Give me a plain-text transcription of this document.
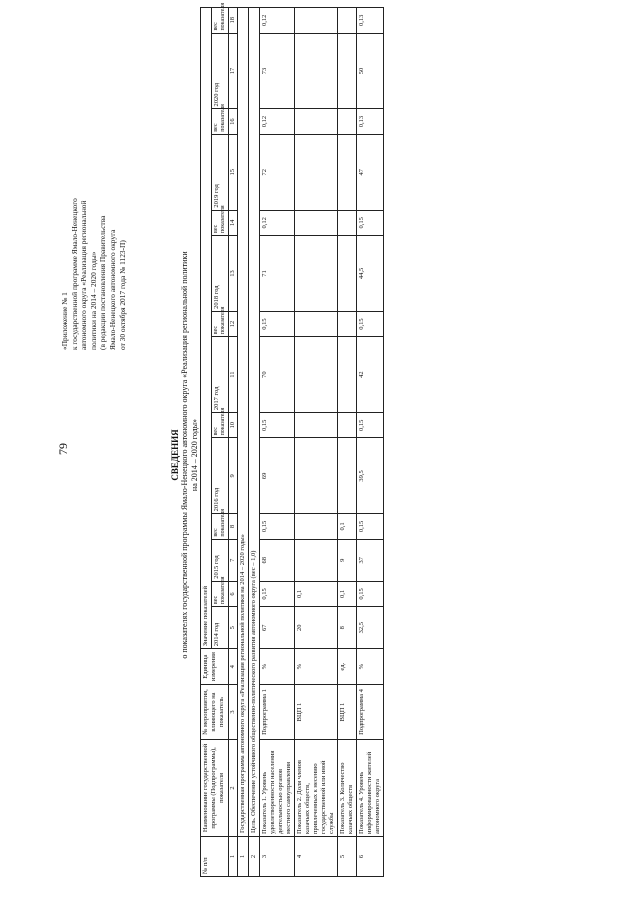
79
«Приложение № 1 к государственной программе Ямало-Ненецкого автономного округа «Реализация региональной политики на 2014 – 2020 годы» (в редакции постановления Правительства Ямало-Ненецкого автономного округа от 30 октября 2017 года № 1123-П)
СВЕДЕНИЯ о показателях государственной программы Ямало-Ненецкого автономного округа «Реализация региональной политики на 2014 – 2020 годы»
№ п/п	Наименование государственной программы (Подпрограммы), показателя	№ мероприятия, влияющего на показатель	Единица измерения	Значение показателей													
				2014 год	вес показателя	2015 год	вес показателя	2016 год	вес показателя	2017 год	вес показателя	2018 год	вес показателя	2019 год	вес показателя	2020 год	вес показателя
1	2	3	4	5	6	7	8	9	10	11	12	13	14	15	16	17	18
1	Государственная программа автономного округа «Реализация региональной политики на 2014 – 2020 годы»																
2	Цель. Обеспечение устойчивого общественно-политического развития автономного округа (вес – 1,0)																
3	Показатель 1. Уровень удовлетворенности населения деятельностью органов местного самоуправления	Подпрограмма 1	%	67	0,15	68	0,15	69	0,15	70	0,15	71	0,12	72	0,12	73	0,12
4	Показатель 2. Доля членов казачьих обществ, привлеченных к несению государственной или иной службы	ВЦП 1	%	20	0,1												
5	Показатель 3. Количество казачьих обществ	ВЦП 1	ед.	8	0,1	9	0,1										
6	Показатель 4. Уровень информированности жителей автономного округа	Подпрограмма 4	%	32,5	0,15	37	0,15	39,5	0,15	42	0,15	44,5	0,15	47	0,13	50	0,13
